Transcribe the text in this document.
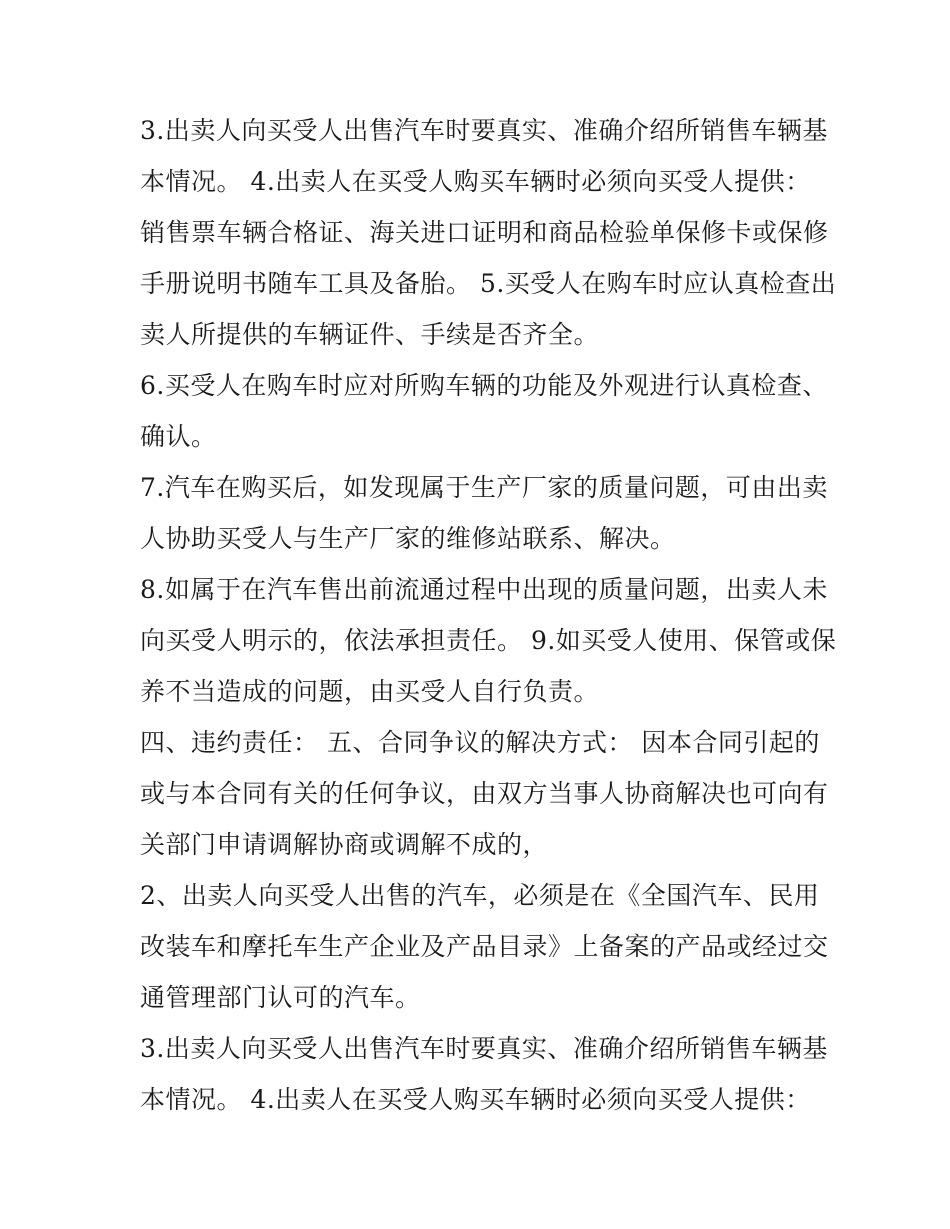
3.出卖人向买受人出售汽车时要真实、准确介绍所销售车辆基
本情况。 4.出卖人在买受人购买车辆时必须向买受人提供：
销售票车辆合格证、海关进口证明和商品检验单保修卡或保修
手册说明书随车工具及备胎。 5.买受人在购车时应认真检查出
卖人所提供的车辆证件、手续是否齐全。
6.买受人在购车时应对所购车辆的功能及外观进行认真检查、
确认。
7.汽车在购买后，如发现属于生产厂家的质量问题，可由出卖
人协助买受人与生产厂家的维修站联系、解决。
8.如属于在汽车售出前流通过程中出现的质量问题，出卖人未
向买受人明示的，依法承担责任。 9.如买受人使用、保管或保
养不当造成的问题，由买受人自行负责。
四、违约责任： 五、合同争议的解决方式： 因本合同引起的
或与本合同有关的任何争议，由双方当事人协商解决也可向有
关部门申请调解协商或调解不成的，
2、出卖人向买受人出售的汽车，必须是在《全国汽车、民用
改装车和摩托车生产企业及产品目录》上备案的产品或经过交
通管理部门认可的汽车。
3.出卖人向买受人出售汽车时要真实、准确介绍所销售车辆基
本情况。 4.出卖人在买受人购买车辆时必须向买受人提供：
